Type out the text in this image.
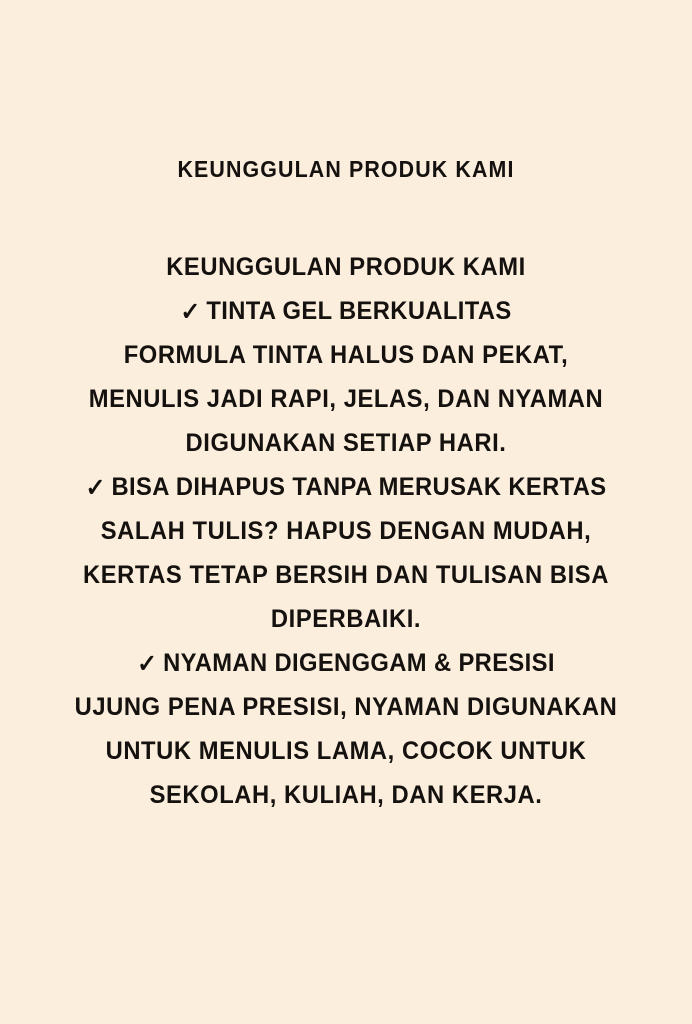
KEUNGGULAN PRODUK KAMI
KEUNGGULAN PRODUK KAMI
✓ TINTA GEL BERKUALITAS
FORMULA TINTA HALUS DAN PEKAT,
MENULIS JADI RAPI, JELAS, DAN NYAMAN
DIGUNAKAN SETIAP HARI.
✓ BISA DIHAPUS TANPA MERUSAK KERTAS
SALAH TULIS? HAPUS DENGAN MUDAH,
KERTAS TETAP BERSIH DAN TULISAN BISA
DIPERBAIKI.
✓ NYAMAN DIGENGGAM & PRESISI
UJUNG PENA PRESISI, NYAMAN DIGUNAKAN
UNTUK MENULIS LAMA, COCOK UNTUK
SEKOLAH, KULIAH, DAN KERJA.
